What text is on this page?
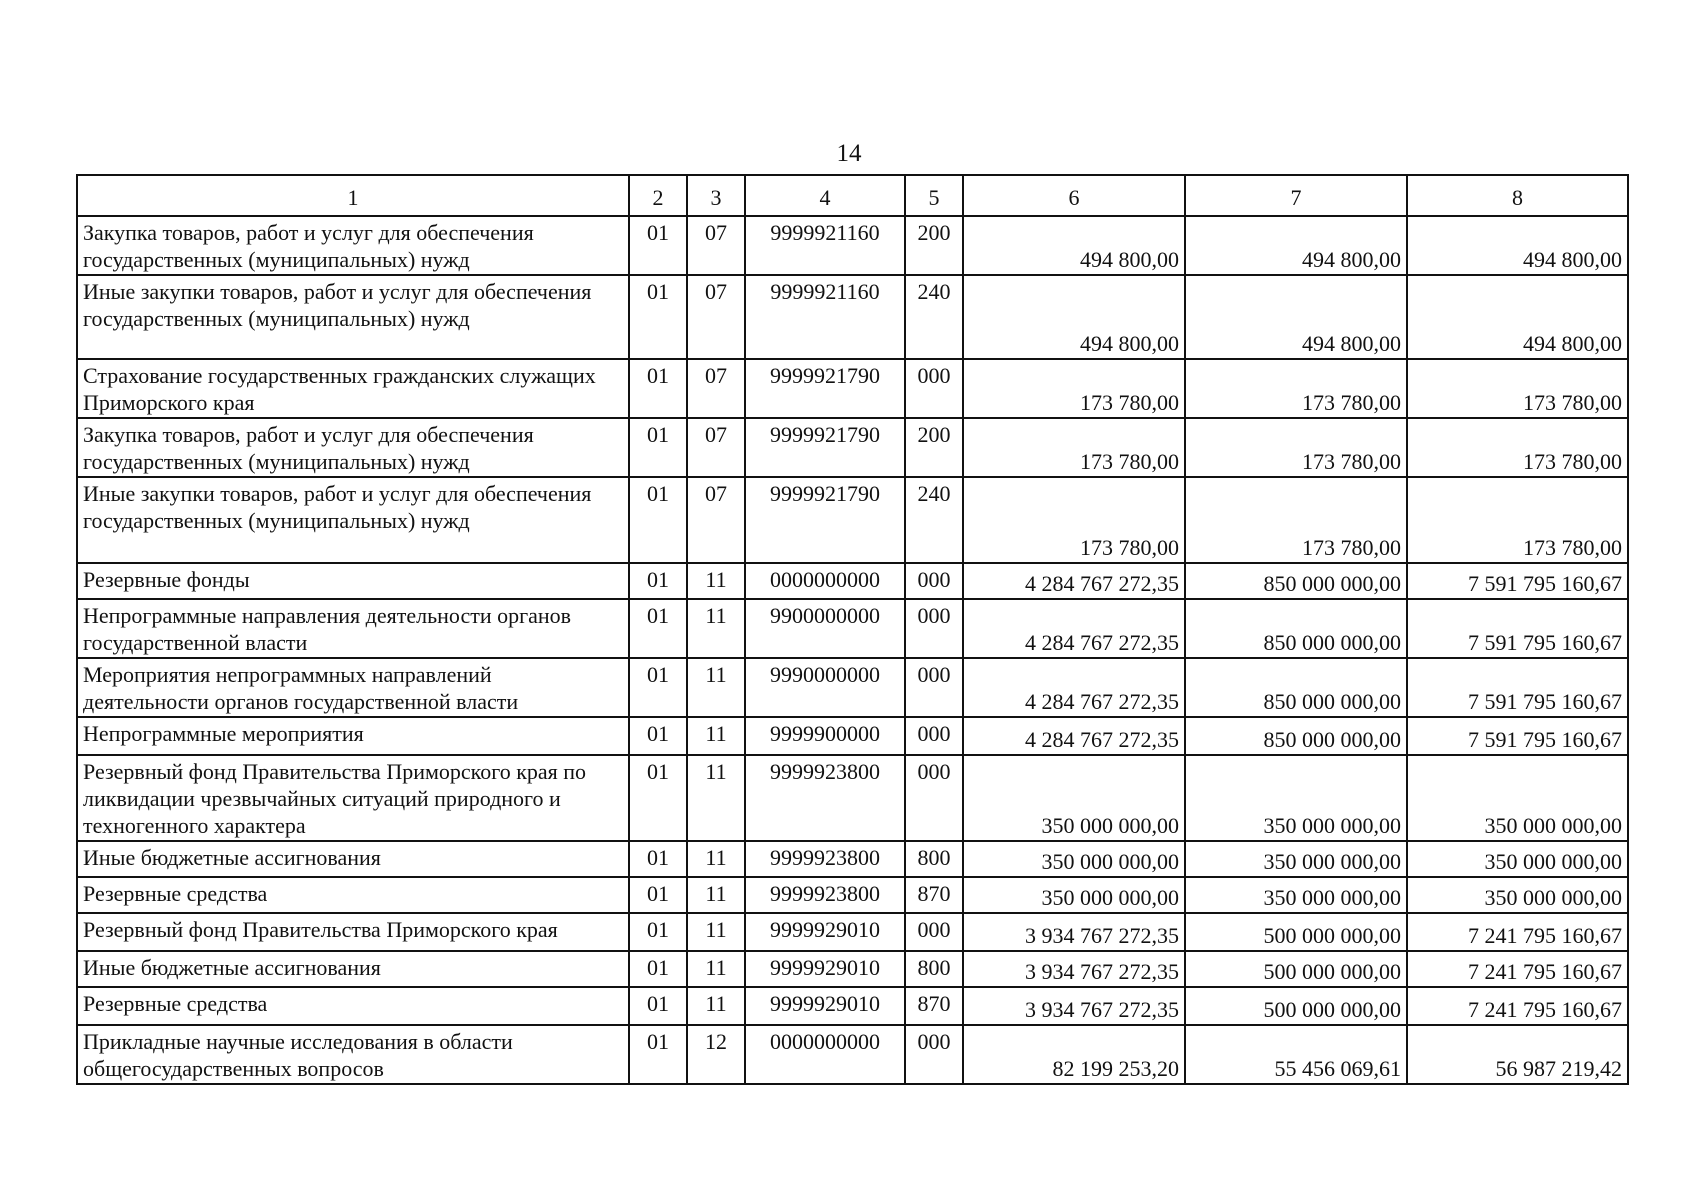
14
1	2	3	4	5	6	7	8
Закупка товаров, работ и услуг для обеспечения государственных (муниципальных) нужд	01	07	9999921160	200	494 800,00	494 800,00	494 800,00
Иные закупки товаров, работ и услуг для обеспечения государственных (муниципальных) нужд	01	07	9999921160	240	494 800,00	494 800,00	494 800,00
Страхование государственных гражданских служащих Приморского края	01	07	9999921790	000	173 780,00	173 780,00	173 780,00
Закупка товаров, работ и услуг для обеспечения государственных (муниципальных) нужд	01	07	9999921790	200	173 780,00	173 780,00	173 780,00
Иные закупки товаров, работ и услуг для обеспечения государственных (муниципальных) нужд	01	07	9999921790	240	173 780,00	173 780,00	173 780,00
Резервные фонды	01	11	0000000000	000	4 284 767 272,35	850 000 000,00	7 591 795 160,67
Непрограммные направления деятельности органов государственной власти	01	11	9900000000	000	4 284 767 272,35	850 000 000,00	7 591 795 160,67
Мероприятия непрограммных направлений деятельности органов государственной власти	01	11	9990000000	000	4 284 767 272,35	850 000 000,00	7 591 795 160,67
Непрограммные мероприятия	01	11	9999900000	000	4 284 767 272,35	850 000 000,00	7 591 795 160,67
Резервный фонд Правительства Приморского края по ликвидации чрезвычайных ситуаций природного и техногенного характера	01	11	9999923800	000	350 000 000,00	350 000 000,00	350 000 000,00
Иные бюджетные ассигнования	01	11	9999923800	800	350 000 000,00	350 000 000,00	350 000 000,00
Резервные средства	01	11	9999923800	870	350 000 000,00	350 000 000,00	350 000 000,00
Резервный фонд Правительства Приморского края	01	11	9999929010	000	3 934 767 272,35	500 000 000,00	7 241 795 160,67
Иные бюджетные ассигнования	01	11	9999929010	800	3 934 767 272,35	500 000 000,00	7 241 795 160,67
Резервные средства	01	11	9999929010	870	3 934 767 272,35	500 000 000,00	7 241 795 160,67
Прикладные научные исследования в области общегосударственных вопросов	01	12	0000000000	000	82 199 253,20	55 456 069,61	56 987 219,42
